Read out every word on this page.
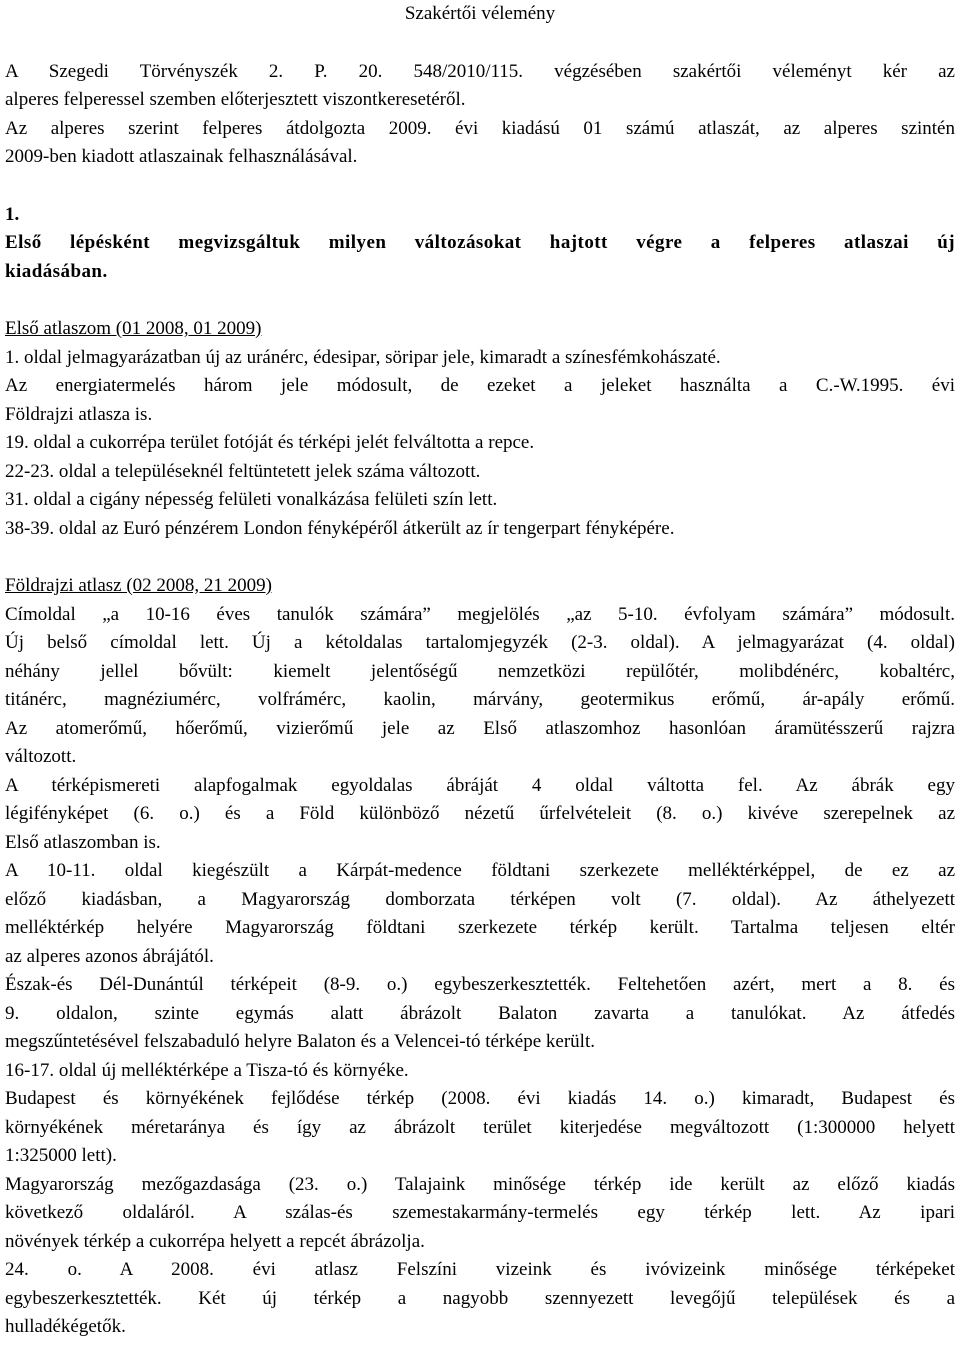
Szakértői vélemény

A Szegedi Törvényszék 2. P. 20. 548/2010/115. végzésében szakértői véleményt kér az
alperes felperessel szemben előterjesztett viszontkeresetéről.
Az alperes szerint felperes átdolgozta 2009. évi kiadású 01 számú atlaszát, az alperes szintén
2009-ben kiadott atlaszainak felhasználásával.
1.
Első lépésként megvizsgáltuk milyen változásokat hajtott végre a felperes atlaszai új
kiadásában.
Első atlaszom (01 2008, 01 2009)
1. oldal jelmagyarázatban új az uránérc, édesipar, söripar jele, kimaradt a színesfémkohászaté.
Az energiatermelés három jele módosult, de ezeket a jeleket használta a C.-W.1995. évi
Földrajzi atlasza is.
19. oldal a cukorrépa terület fotóját és térképi jelét felváltotta a repce.
22-23. oldal a településeknél feltüntetett jelek száma változott.
31. oldal a cigány népesség felületi vonalkázása felületi szín lett.
38-39. oldal az Euró pénzérem London fényképéről átkerült az ír tengerpart fényképére.
Földrajzi atlasz (02 2008, 21 2009)
Címoldal „a 10-16 éves tanulók számára” megjelölés „az 5-10. évfolyam számára” módosult.
Új belső címoldal lett. Új a kétoldalas tartalomjegyzék (2-3. oldal). A jelmagyarázat (4. oldal)
néhány jellel bővült: kiemelt jelentőségű nemzetközi repülőtér, molibdénérc, kobaltérc,
titánérc, magnéziumérc, volfrámérc, kaolin, márvány, geotermikus erőmű, ár-apály erőmű.
Az atomerőmű, hőerőmű, vizierőmű jele az Első atlaszomhoz hasonlóan áramütésszerű rajzra
változott.
A térképismereti alapfogalmak egyoldalas ábráját 4 oldal váltotta fel. Az ábrák egy
légifényképet (6. o.) és a Föld különböző nézetű űrfelvételeit (8. o.) kivéve szerepelnek az
Első atlaszomban is.
A 10-11. oldal kiegészült a Kárpát-medence földtani szerkezete melléktérképpel, de ez az
előző kiadásban, a Magyarország domborzata térképen volt (7. oldal). Az áthelyezett
melléktérkép helyére Magyarország földtani szerkezete térkép került. Tartalma teljesen eltér
az alperes azonos ábrájától.
Észak-és Dél-Dunántúl térképeit (8-9. o.) egybeszerkesztették. Feltehetően azért, mert a 8. és
9. oldalon, szinte egymás alatt ábrázolt Balaton zavarta a tanulókat. Az átfedés
megszűntetésével felszabaduló helyre Balaton és a Velencei-tó térképe került.
16-17. oldal új melléktérképe a Tisza-tó és környéke.
Budapest és környékének fejlődése térkép (2008. évi kiadás 14. o.) kimaradt, Budapest és
környékének méretaránya és így az ábrázolt terület kiterjedése megváltozott (1:300000 helyett
1:325000 lett).
Magyarország mezőgazdasága (23. o.) Talajaink minősége térkép ide került az előző kiadás
következő oldaláról. A szálas-és szemestakarmány-termelés egy térkép lett. Az ipari
növények térkép a cukorrépa helyett a repcét ábrázolja.
24. o. A 2008. évi atlasz Felszíni vizeink és ivóvizeink minősége térképeket
egybeszerkesztették. Két új térkép a nagyobb szennyezett levegőjű települések és a
hulladékégetők.
